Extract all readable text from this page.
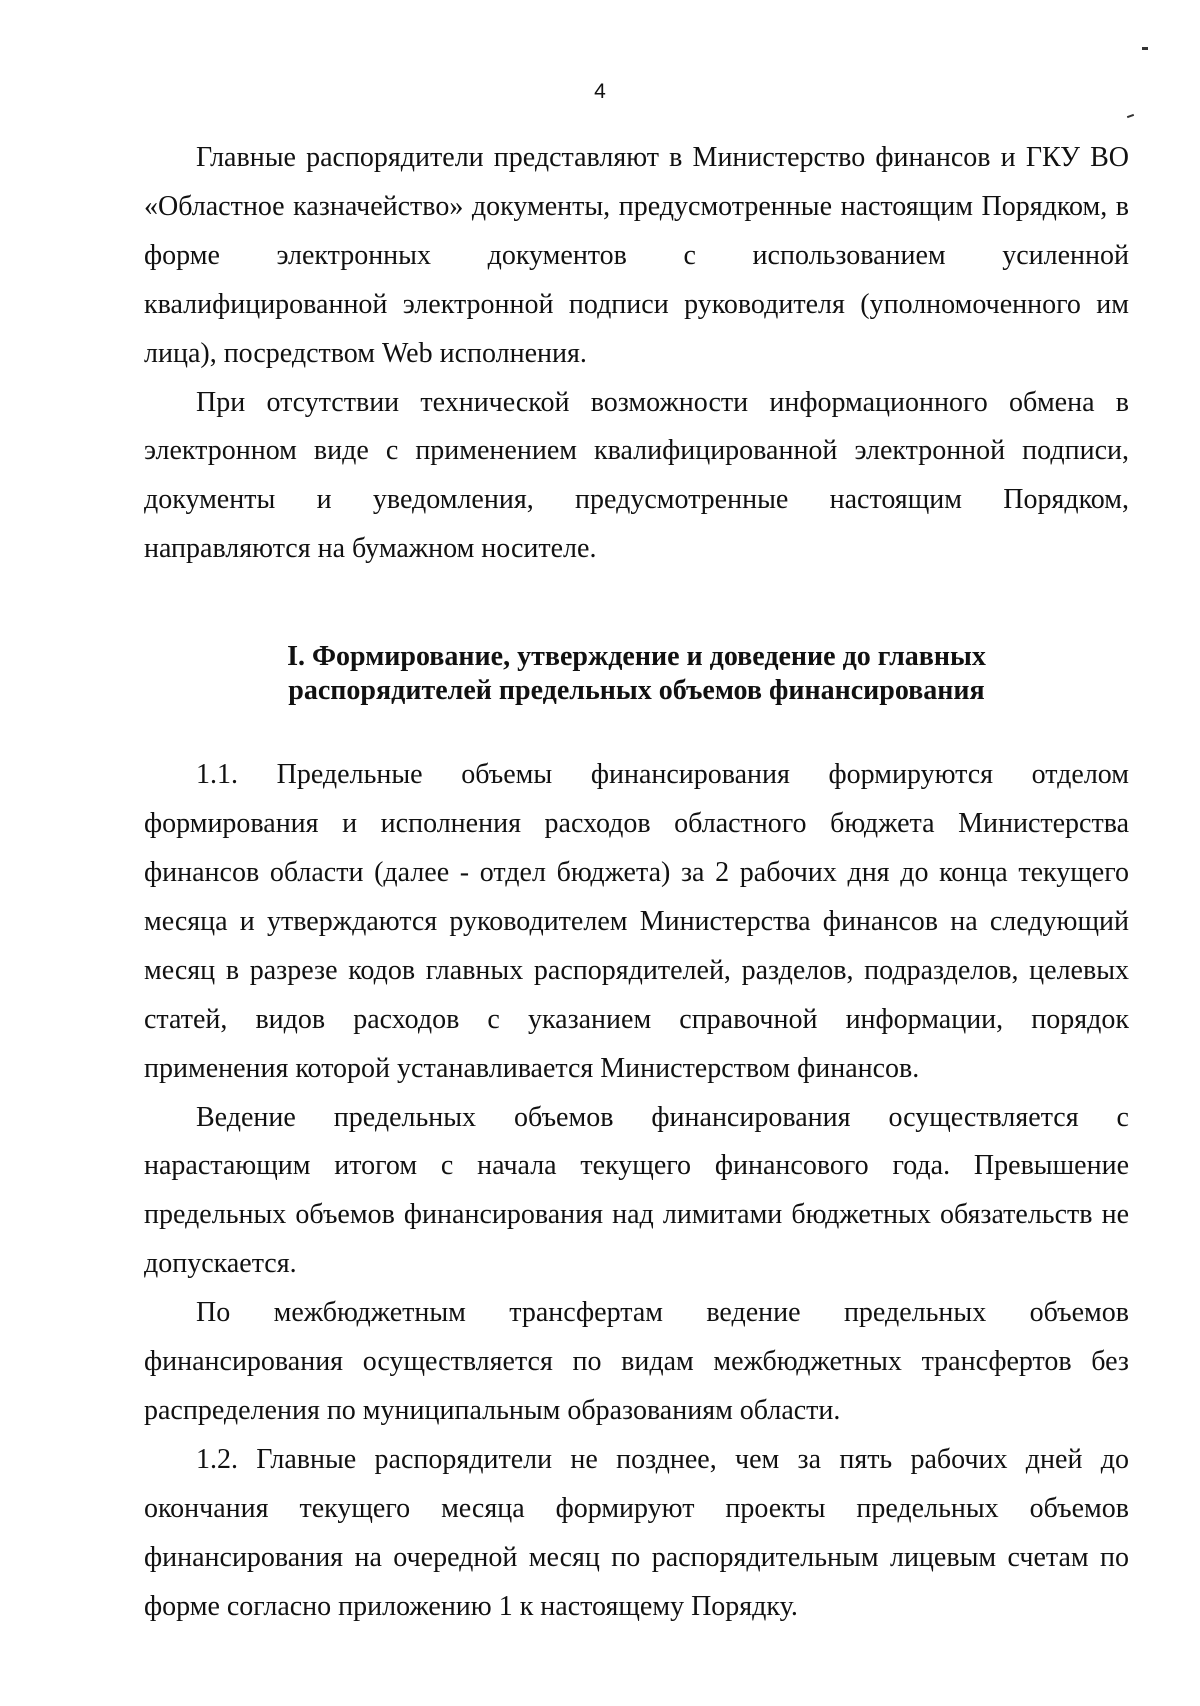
4

Главные распорядители представляют в Министерство финансов и ГКУ ВО «Областное казначейство» документы, предусмотренные настоящим Порядком, в форме электронных документов с использованием усиленной квалифицированной электронной подписи руководителя (уполномоченного им лица), посредством Web исполнения.

При отсутствии технической возможности информационного обмена в электронном виде с применением квалифицированной электронной подписи, документы и уведомления, предусмотренные настоящим Порядком, направляются на бумажном носителе.

I. Формирование, утверждение и доведение до главных
распорядителей предельных объемов финансирования

1.1. Предельные объемы финансирования формируются отделом формирования и исполнения расходов областного бюджета Министерства финансов области (далее - отдел бюджета) за 2 рабочих дня до конца текущего месяца и утверждаются руководителем Министерства финансов на следующий месяц в разрезе кодов главных распорядителей, разделов, подразделов, целевых статей, видов расходов с указанием справочной информации, порядок применения которой устанавливается Министерством финансов.

Ведение предельных объемов финансирования осуществляется с нарастающим итогом с начала текущего финансового года. Превышение предельных объемов финансирования над лимитами бюджетных обязательств не допускается.

По межбюджетным трансфертам ведение предельных объемов финансирования осуществляется по видам межбюджетных трансфертов без распределения по муниципальным образованиям области.

1.2. Главные распорядители не позднее, чем за пять рабочих дней до окончания текущего месяца формируют проекты предельных объемов финансирования на очередной месяц по распорядительным лицевым счетам по форме согласно приложению 1 к настоящему Порядку.
